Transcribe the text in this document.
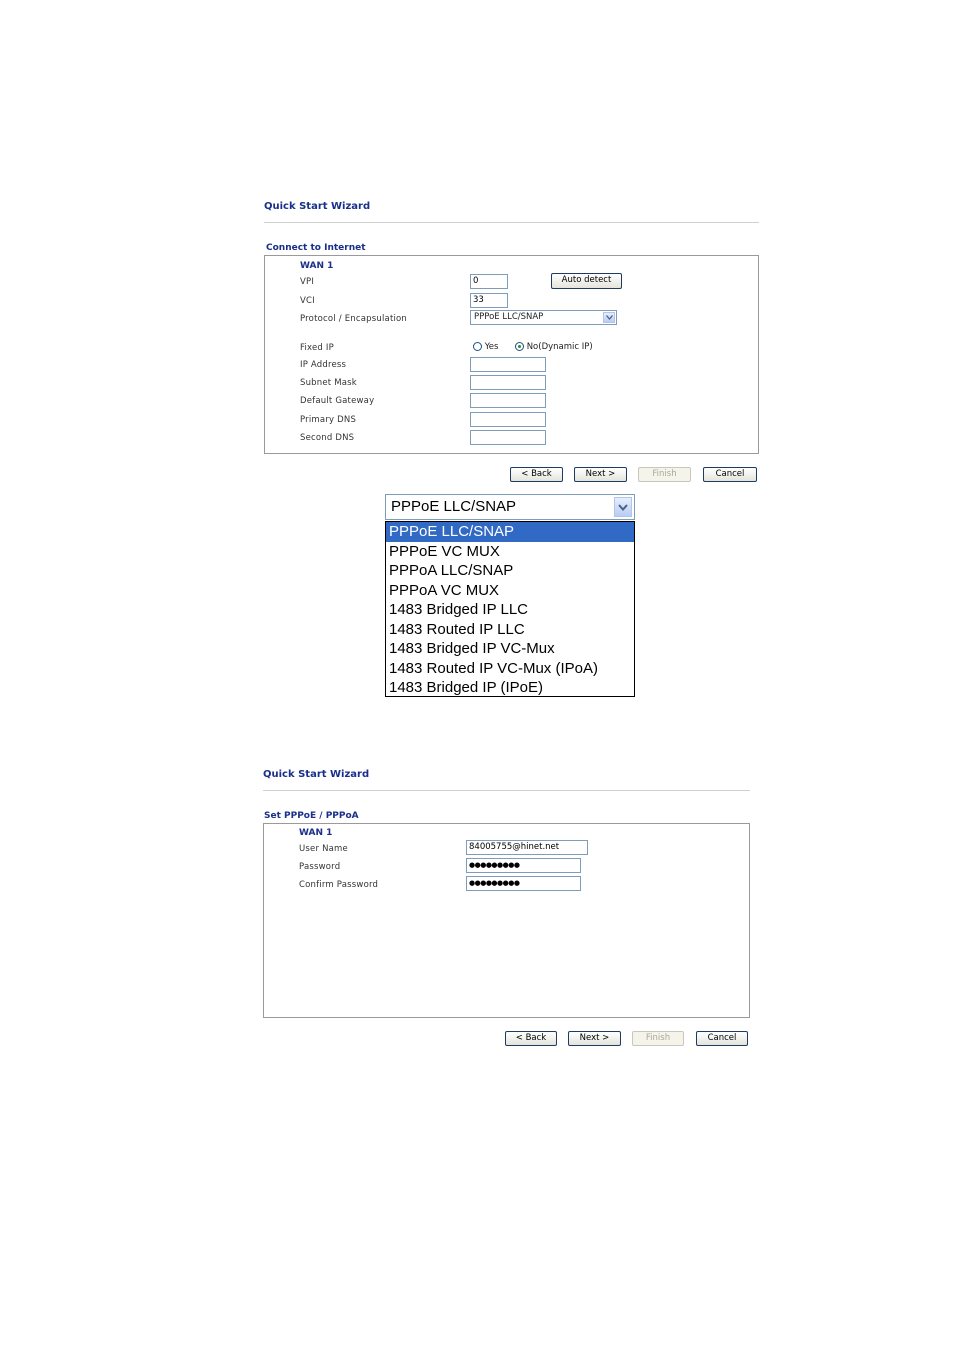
Quick Start Wizard
Connect to Internet
WAN 1
VPI	0	Auto detect
VCI	33
Protocol / Encapsulation	PPPoE LLC/SNAP
Fixed IP	Yes	No(Dynamic IP)
IP Address
Subnet Mask
Default Gateway
Primary DNS
Second DNS
< Back	Next >	Finish	Cancel
PPPoE LLC/SNAP
PPPoE LLC/SNAP
PPPoE VC MUX
PPPoA LLC/SNAP
PPPoA VC MUX
1483 Bridged IP LLC
1483 Routed IP LLC
1483 Bridged IP VC-Mux
1483 Routed IP VC-Mux (IPoA)
1483 Bridged IP (IPoE)
Quick Start Wizard
Set PPPoE / PPPoA
WAN 1
User Name	84005755@hinet.net
Password	●●●●●●●●●
Confirm Password	●●●●●●●●●
< Back	Next >	Finish	Cancel
